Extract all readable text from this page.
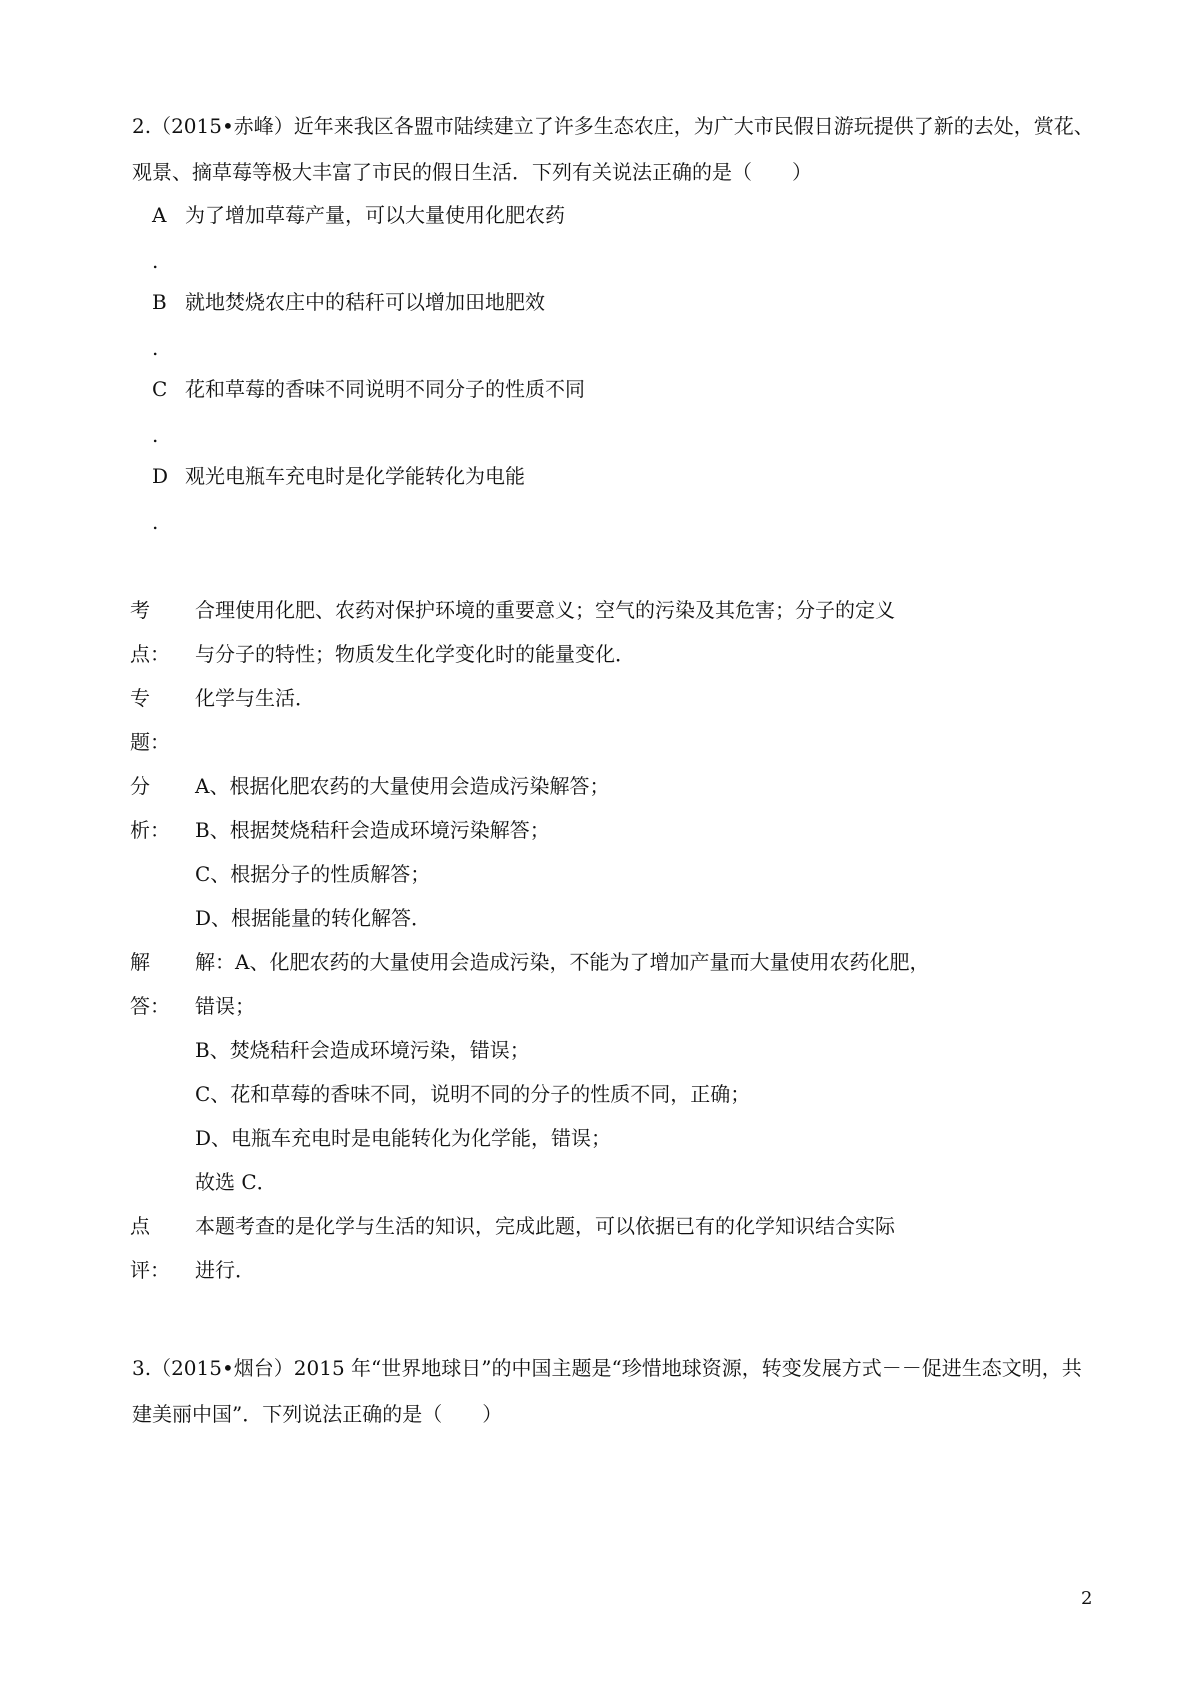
2.（2015•赤峰）近年来我区各盟市陆续建立了许多生态农庄，为广大市民假日游玩提供了新的去处，赏花、
观景、摘草莓等极大丰富了市民的假日生活．下列有关说法正确的是（　　）
A 为了增加草莓产量，可以大量使用化肥农药
.
B 就地焚烧农庄中的秸秆可以增加田地肥效
.
C 花和草莓的香味不同说明不同分子的性质不同
.
D 观光电瓶车充电时是化学能转化为电能
.
考 合理使用化肥、农药对保护环境的重要意义；空气的污染及其危害；分子的定义
点： 与分子的特性；物质发生化学变化时的能量变化．
专 化学与生活．
题：
分 A、根据化肥农药的大量使用会造成污染解答；
析： B、根据焚烧秸秆会造成环境污染解答；
C、根据分子的性质解答；
D、根据能量的转化解答．
解 解：A、化肥农药的大量使用会造成污染，不能为了增加产量而大量使用农药化肥，
答： 错误；
B、焚烧秸秆会造成环境污染，错误；
C、花和草莓的香味不同，说明不同的分子的性质不同，正确；
D、电瓶车充电时是电能转化为化学能，错误；
故选 C．
点 本题考查的是化学与生活的知识，完成此题，可以依据已有的化学知识结合实际
评： 进行．
3.（2015•烟台）2015 年“世界地球日”的中国主题是“珍惜地球资源，转变发展方式－－促进生态文明，共
建美丽中国”．下列说法正确的是（　　）
2
